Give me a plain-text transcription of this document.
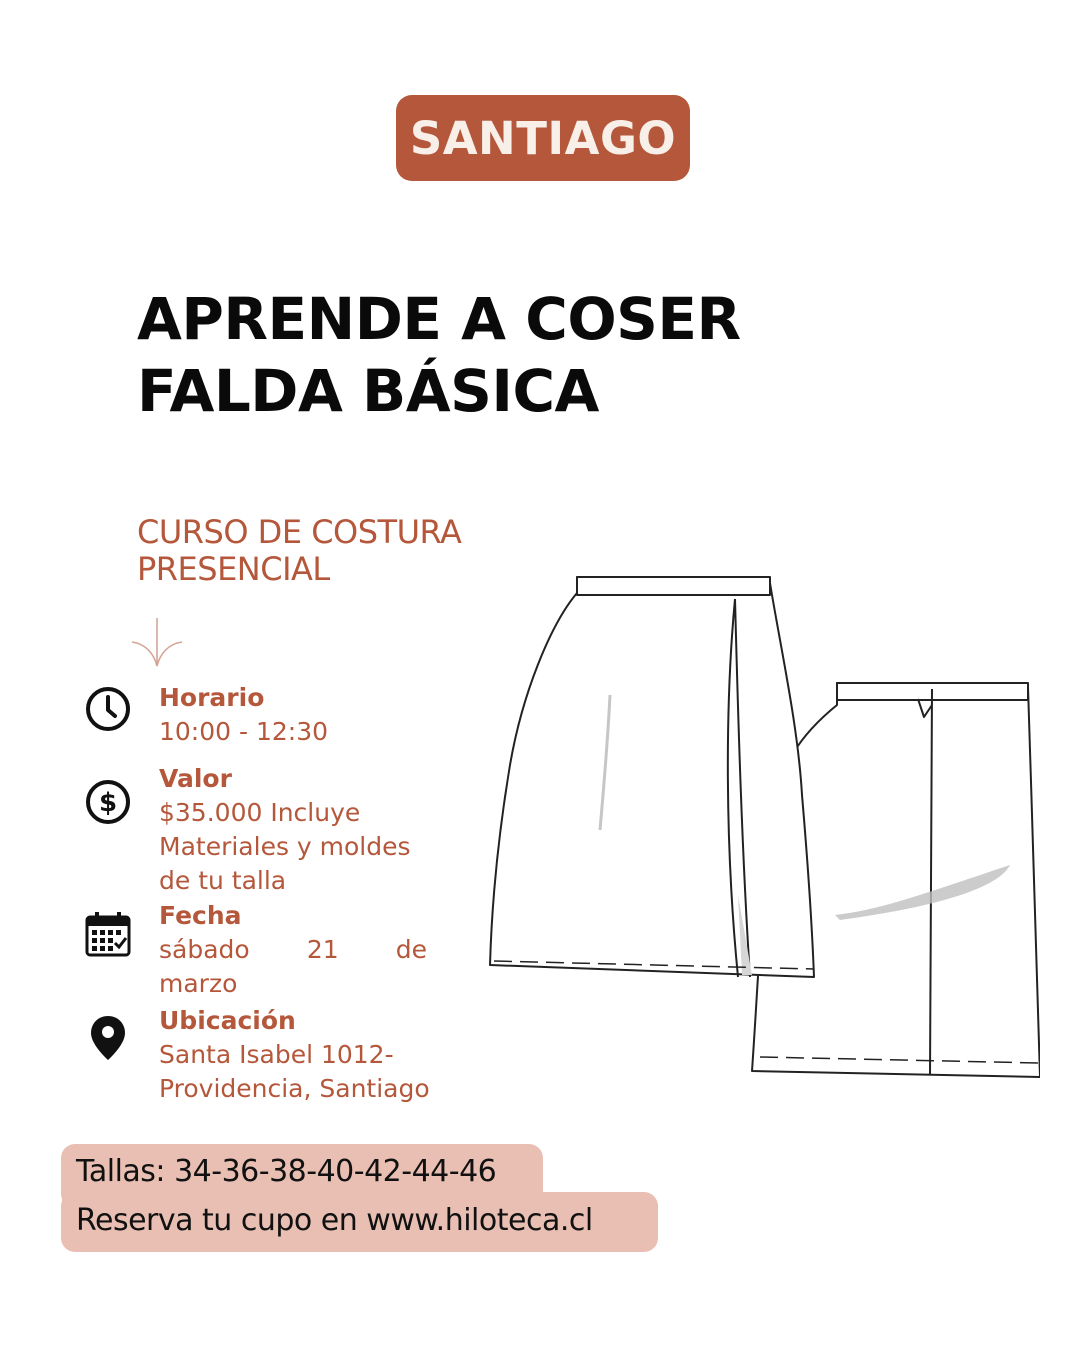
SANTIAGO
APRENDE A COSER
FALDA BÁSICA
CURSO DE COSTURA
PRESENCIAL
Horario
10:00 - 12:30
$
Valor
$35.000 Incluye
Materiales y moldes
de tu talla
Fecha
sábado 21 de
marzo
Ubicación
Santa Isabel 1012-
Providencia, Santiago
Tallas: 34-36-38-40-42-44-46
Reserva tu cupo en www.hiloteca.cl
